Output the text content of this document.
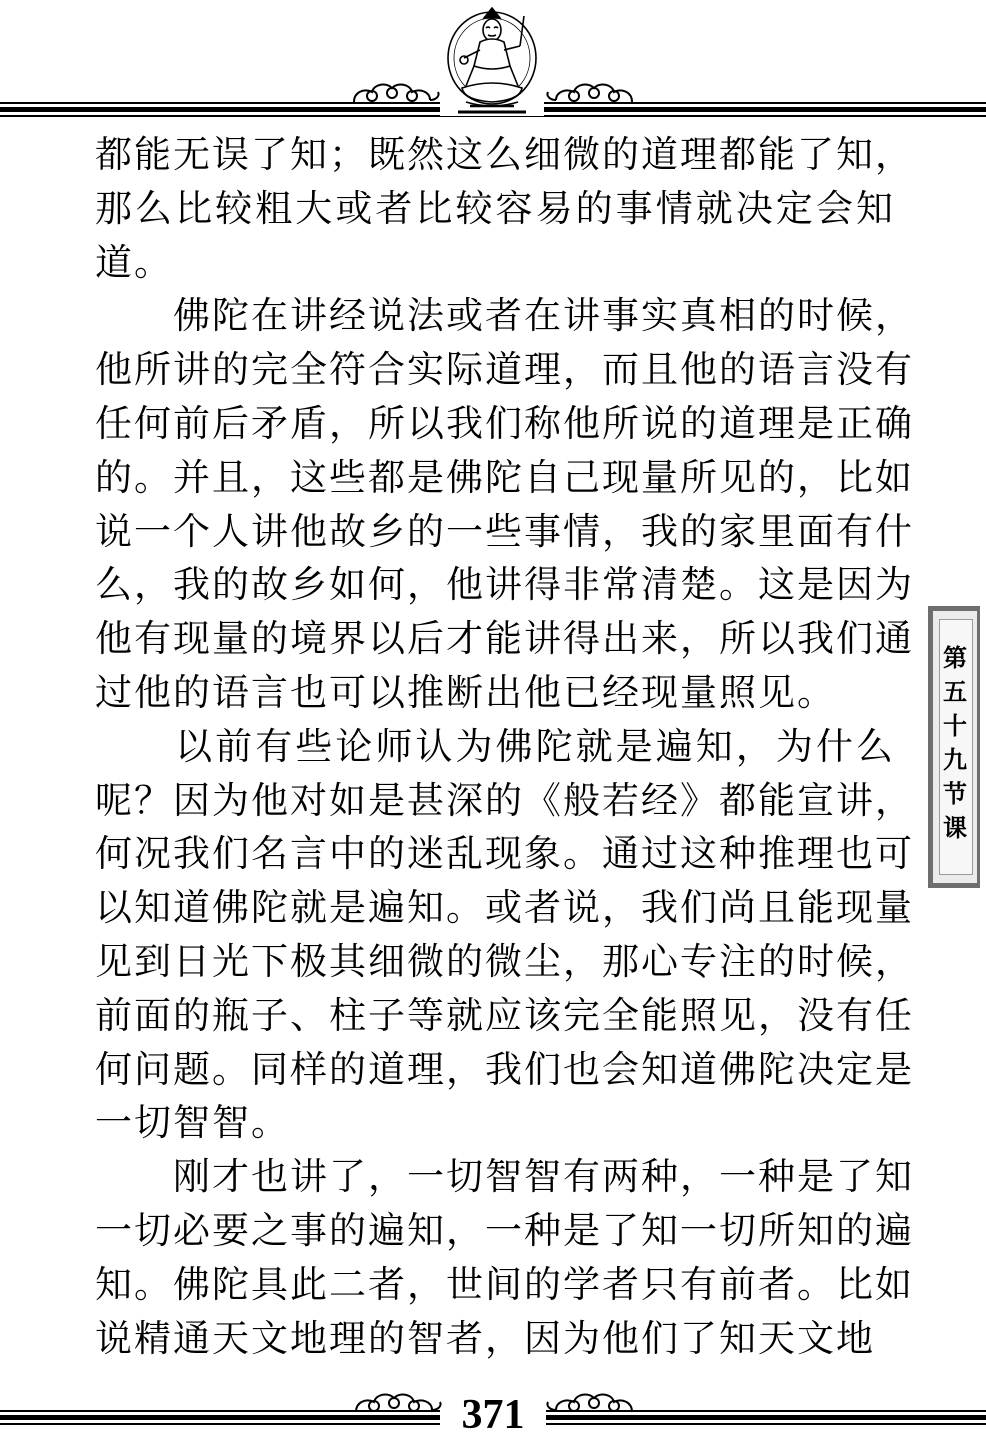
都能无误了知；既然这么细微的道理都能了知，
那么比较粗大或者比较容易的事情就决定会知
道。
　　佛陀在讲经说法或者在讲事实真相的时候，
他所讲的完全符合实际道理，而且他的语言没有
任何前后矛盾，所以我们称他所说的道理是正确
的。并且，这些都是佛陀自己现量所见的，比如
说一个人讲他故乡的一些事情，我的家里面有什
么，我的故乡如何，他讲得非常清楚。这是因为
他有现量的境界以后才能讲得出来，所以我们通
过他的语言也可以推断出他已经现量照见。
　　以前有些论师认为佛陀就是遍知，为什么
呢？因为他对如是甚深的《般若经》都能宣讲，
何况我们名言中的迷乱现象。通过这种推理也可
以知道佛陀就是遍知。或者说，我们尚且能现量
见到日光下极其细微的微尘，那心专注的时候，
前面的瓶子、柱子等就应该完全能照见，没有任
何问题。同样的道理，我们也会知道佛陀决定是
一切智智。
　　刚才也讲了，一切智智有两种，一种是了知
一切必要之事的遍知，一种是了知一切所知的遍
知。佛陀具此二者，世间的学者只有前者。比如
说精通天文地理的智者，因为他们了知天文地
第
五
十
九
节
课
371
